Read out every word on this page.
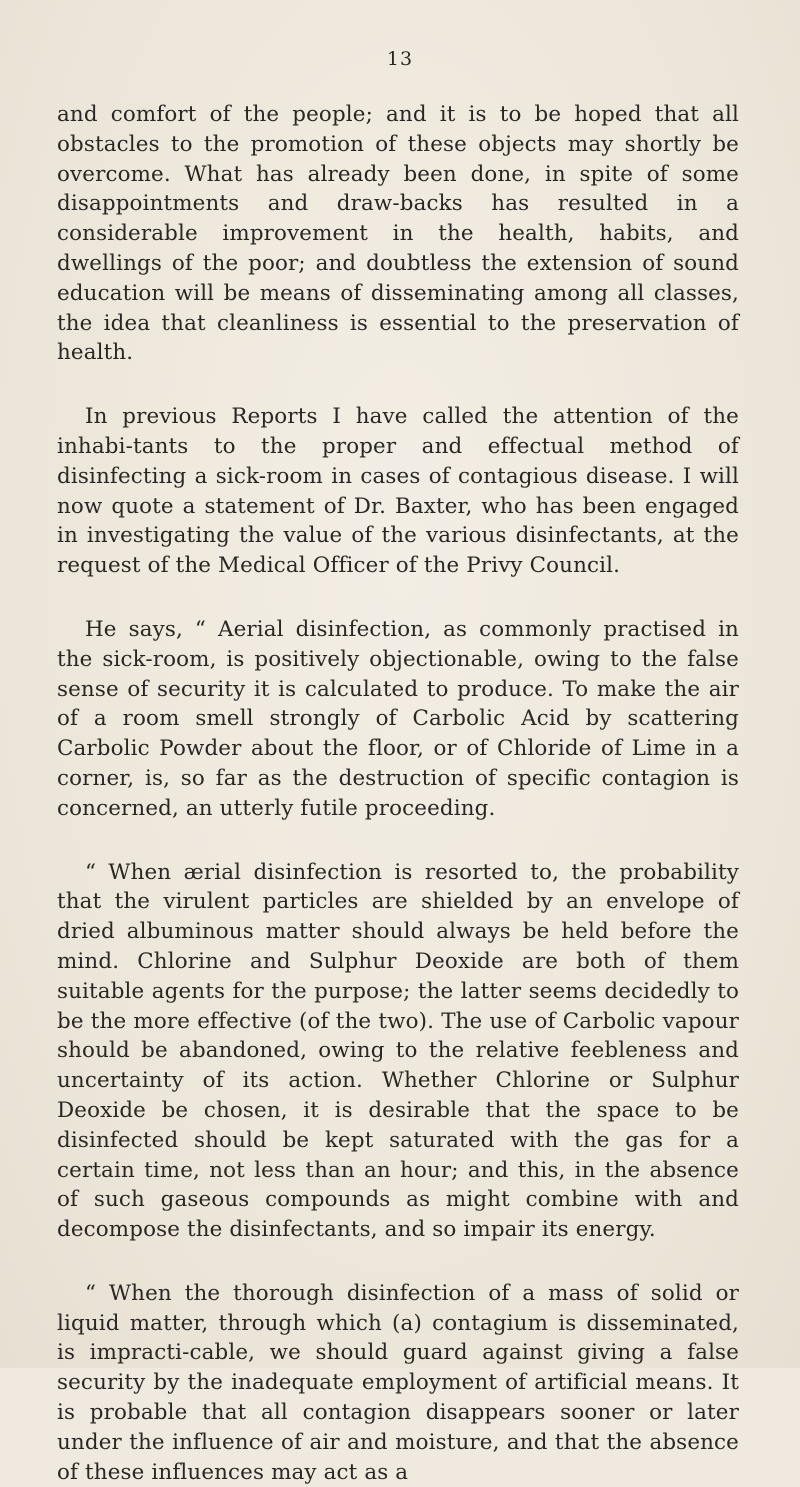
13

and comfort of the people; and it is to be hoped that all obstacles to the promotion of these objects may shortly be overcome. What has already been done, in spite of some disappointments and draw-backs has resulted in a considerable improvement in the health, habits, and dwellings of the poor; and doubtless the extension of sound education will be means of disseminating among all classes, the idea that cleanliness is essential to the preservation of health.

In previous Reports I have called the attention of the inhabi-tants to the proper and effectual method of disinfecting a sick-room in cases of contagious disease. I will now quote a statement of Dr. Baxter, who has been engaged in investigating the value of the various disinfectants, at the request of the Medical Officer of the Privy Council.

He says, “ Aerial disinfection, as commonly practised in the sick-room, is positively objectionable, owing to the false sense of security it is calculated to produce. To make the air of a room smell strongly of Carbolic Acid by scattering Carbolic Powder about the floor, or of Chloride of Lime in a corner, is, so far as the destruction of specific contagion is concerned, an utterly futile proceeding.

“ When ærial disinfection is resorted to, the probability that the virulent particles are shielded by an envelope of dried albuminous matter should always be held before the mind. Chlorine and Sulphur Deoxide are both of them suitable agents for the purpose; the latter seems decidedly to be the more effective (of the two). The use of Carbolic vapour should be abandoned, owing to the relative feebleness and uncertainty of its action. Whether Chlorine or Sulphur Deoxide be chosen, it is desirable that the space to be disinfected should be kept saturated with the gas for a certain time, not less than an hour; and this, in the absence of such gaseous compounds as might combine with and decompose the disinfectants, and so impair its energy.

“ When the thorough disinfection of a mass of solid or liquid matter, through which (a) contagium is disseminated, is impracti-cable, we should guard against giving a false security by the inadequate employment of artificial means. It is probable that all contagion disappears sooner or later under the influence of air and moisture, and that the absence of these influences may act as a
